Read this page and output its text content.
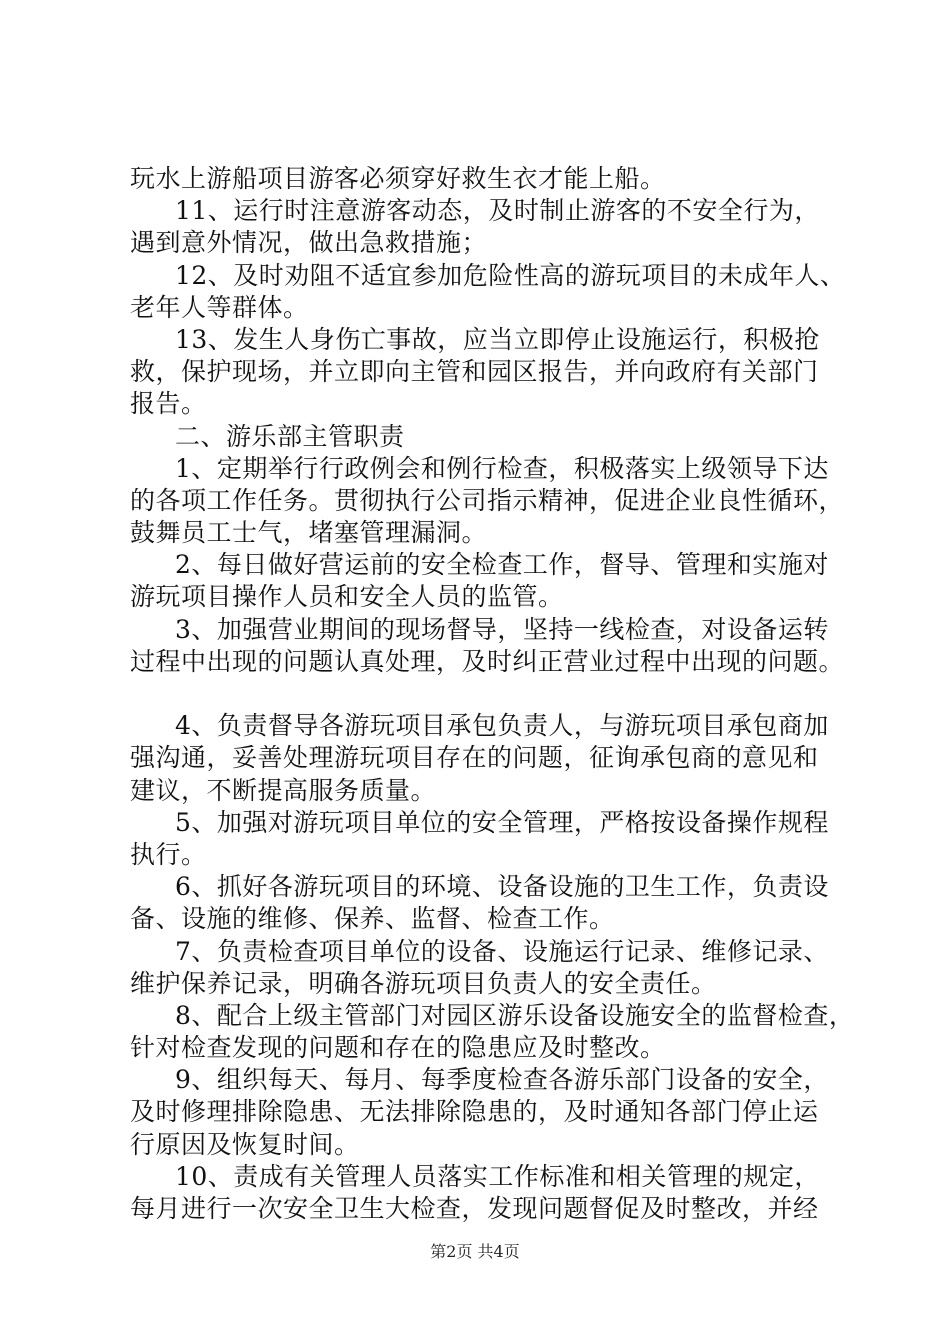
玩水上游船项目游客必须穿好救生衣才能上船。
11、运行时注意游客动态，及时制止游客的不安全行为，
遇到意外情况，做出急救措施；
12、及时劝阻不适宜参加危险性高的游玩项目的未成年人、
老年人等群体。
13、发生人身伤亡事故，应当立即停止设施运行，积极抢
救，保护现场，并立即向主管和园区报告，并向政府有关部门
报告。
二、游乐部主管职责
1、定期举行行政例会和例行检查，积极落实上级领导下达
的各项工作任务。贯彻执行公司指示精神，促进企业良性循环，
鼓舞员工士气，堵塞管理漏洞。
2、每日做好营运前的安全检查工作，督导、管理和实施对
游玩项目操作人员和安全人员的监管。
3、加强营业期间的现场督导，坚持一线检查，对设备运转
过程中出现的问题认真处理，及时纠正营业过程中出现的问题。
4、负责督导各游玩项目承包负责人，与游玩项目承包商加
强沟通，妥善处理游玩项目存在的问题，征询承包商的意见和
建议，不断提高服务质量。
5、加强对游玩项目单位的安全管理，严格按设备操作规程
执行。
6、抓好各游玩项目的环境、设备设施的卫生工作，负责设
备、设施的维修、保养、监督、检查工作。
7、负责检查项目单位的设备、设施运行记录、维修记录、
维护保养记录，明确各游玩项目负责人的安全责任。
8、配合上级主管部门对园区游乐设备设施安全的监督检查，
针对检查发现的问题和存在的隐患应及时整改。
9、组织每天、每月、每季度检查各游乐部门设备的安全，
及时修理排除隐患、无法排除隐患的，及时通知各部门停止运
行原因及恢复时间。
10、责成有关管理人员落实工作标准和相关管理的规定，
每月进行一次安全卫生大检查，发现问题督促及时整改，并经
第2页 共4页
